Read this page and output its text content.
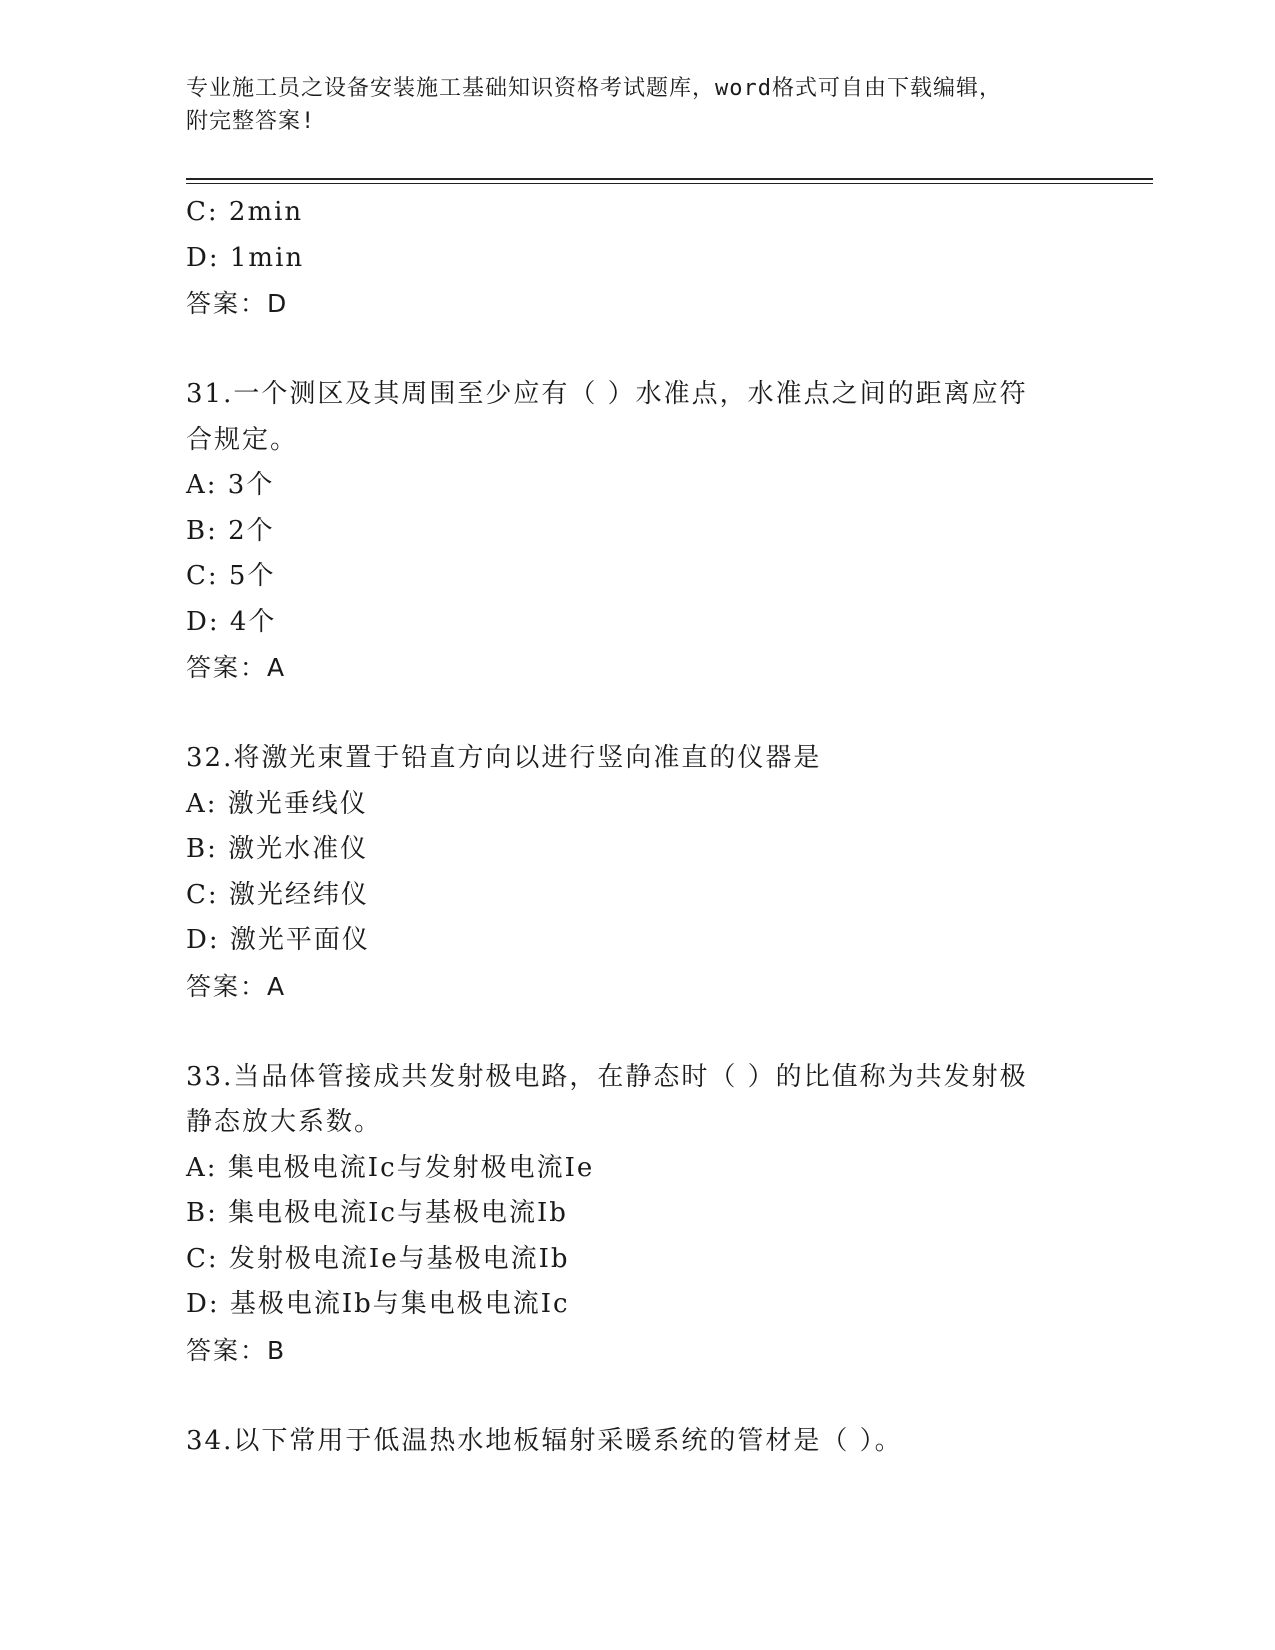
专业施工员之设备安装施工基础知识资格考试题库，word格式可自由下载编辑，
附完整答案!
C: 2min
D: 1min
答案：D
31.一个测区及其周围至少应有（ ）水准点，水准点之间的距离应符
合规定。
A: 3个
B: 2个
C: 5个
D: 4个
答案：A
32.将激光束置于铅直方向以进行竖向准直的仪器是
A: 激光垂线仪
B: 激光水准仪
C: 激光经纬仪
D: 激光平面仪
答案：A
33.当品体管接成共发射极电路，在静态时（ ）的比值称为共发射极
静态放大系数。
A: 集电极电流Ic与发射极电流Ie
B: 集电极电流Ic与基极电流Ib
C: 发射极电流Ie与基极电流Ib
D: 基极电流Ib与集电极电流Ic
答案：B
34.以下常用于低温热水地板辐射采暖系统的管材是（ ）。
